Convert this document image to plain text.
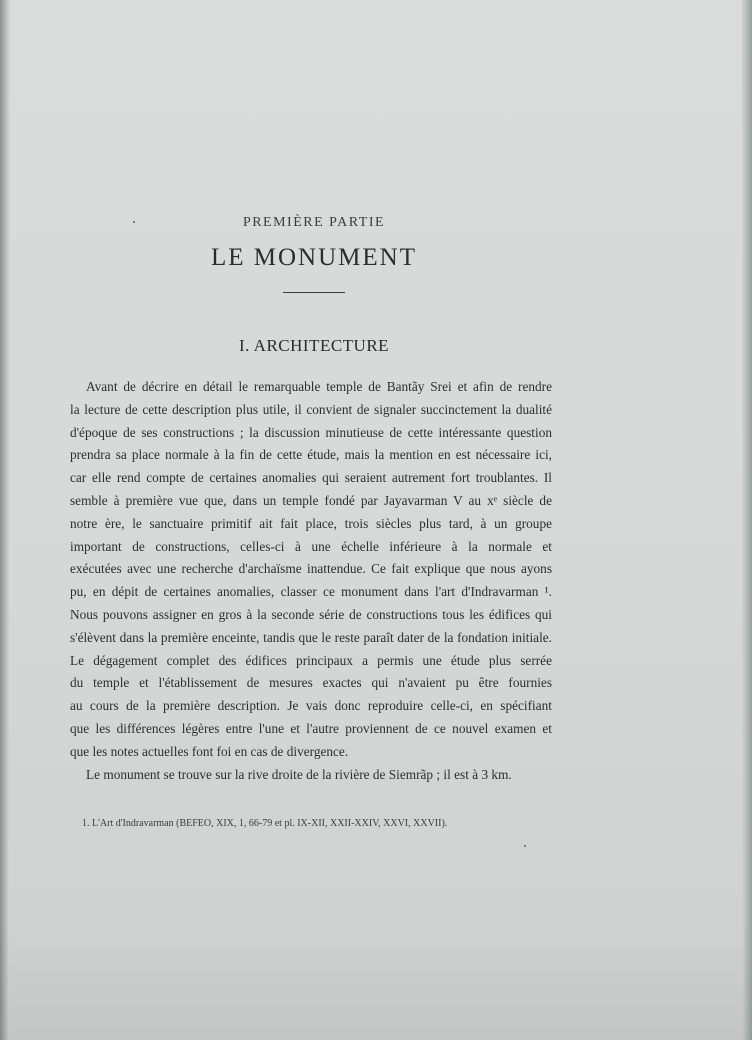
PREMIÈRE PARTIE
LE MONUMENT
I. ARCHITECTURE
Avant de décrire en détail le remarquable temple de Bantãy Srei et afin de rendre
la lecture de cette description plus utile, il convient de signaler succinctement la dualité
d'époque de ses constructions ; la discussion minutieuse de cette intéressante question
prendra sa place normale à la fin de cette étude, mais la mention en est nécessaire ici,
car elle rend compte de certaines anomalies qui seraient autrement fort troublantes. Il
semble à première vue que, dans un temple fondé par Jayavarman V au xᵉ siècle de
notre ère, le sanctuaire primitif ait fait place, trois siècles plus tard, à un groupe
important de constructions, celles-ci à une échelle inférieure à la normale et
exécutées avec une recherche d'archaïsme inattendue. Ce fait explique que nous ayons
pu, en dépit de certaines anomalies, classer ce monument dans l'art d'Indravarman ¹.
Nous pouvons assigner en gros à la seconde série de constructions tous les édifices qui
s'élèvent dans la première enceinte, tandis que le reste paraît dater de la fondation initiale.
Le dégagement complet des édifices principaux a permis une étude plus serrée
du temple et l'établissement de mesures exactes qui n'avaient pu être fournies
au cours de la première description. Je vais donc reproduire celle-ci, en spécifiant
que les différences légères entre l'une et l'autre proviennent de ce nouvel examen et
que les notes actuelles font foi en cas de divergence.
Le monument se trouve sur la rive droite de la rivière de Siemrãp ; il est à 3 km.
1. L'Art d'Indravarman (BEFEO, XIX, 1, 66-79 et pl. IX-XII, XXII-XXIV, XXVI, XXVII).
